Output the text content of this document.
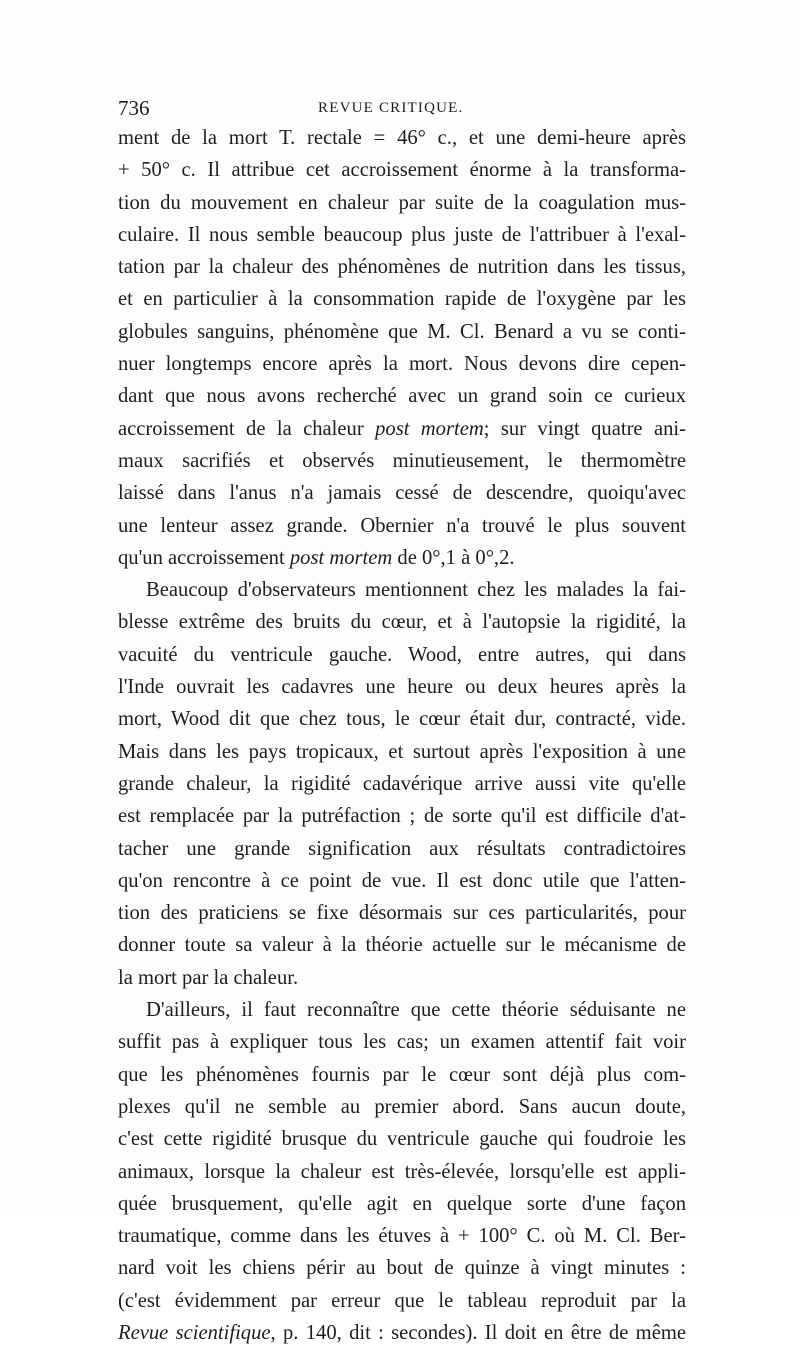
736	REVUE CRITIQUE.
ment de la mort T. rectale = 46° c., et une demi-heure après
+ 50° c. Il attribue cet accroissement énorme à la transforma-
tion du mouvement en chaleur par suite de la coagulation mus-
culaire. Il nous semble beaucoup plus juste de l'attribuer à l'exal-
tation par la chaleur des phénomènes de nutrition dans les tissus,
et en particulier à la consommation rapide de l'oxygène par les
globules sanguins, phénomène que M. Cl. Benard a vu se conti-
nuer longtemps encore après la mort. Nous devons dire cepen-
dant que nous avons recherché avec un grand soin ce curieux
accroissement de la chaleur post mortem; sur vingt quatre ani-
maux sacrifiés et observés minutieusement, le thermomètre
laissé dans l'anus n'a jamais cessé de descendre, quoiqu'avec
une lenteur assez grande. Obernier n'a trouvé le plus souvent
qu'un accroissement post mortem de 0°,1 à 0°,2.
Beaucoup d'observateurs mentionnent chez les malades la fai-
blesse extrême des bruits du cœur, et à l'autopsie la rigidité, la
vacuité du ventricule gauche. Wood, entre autres, qui dans
l'Inde ouvrait les cadavres une heure ou deux heures après la
mort, Wood dit que chez tous, le cœur était dur, contracté, vide.
Mais dans les pays tropicaux, et surtout après l'exposition à une
grande chaleur, la rigidité cadavérique arrive aussi vite qu'elle
est remplacée par la putréfaction ; de sorte qu'il est difficile d'at-
tacher une grande signification aux résultats contradictoires
qu'on rencontre à ce point de vue. Il est donc utile que l'atten-
tion des praticiens se fixe désormais sur ces particularités, pour
donner toute sa valeur à la théorie actuelle sur le mécanisme de
la mort par la chaleur.
D'ailleurs, il faut reconnaître que cette théorie séduisante ne
suffit pas à expliquer tous les cas; un examen attentif fait voir
que les phénomènes fournis par le cœur sont déjà plus com-
plexes qu'il ne semble au premier abord. Sans aucun doute,
c'est cette rigidité brusque du ventricule gauche qui foudroie les
animaux, lorsque la chaleur est très-élevée, lorsqu'elle est appli-
quée brusquement, qu'elle agit en quelque sorte d'une façon
traumatique, comme dans les étuves à + 100° C. où M. Cl. Ber-
nard voit les chiens périr au bout de quinze à vingt minutes :
(c'est évidemment par erreur que le tableau reproduit par la
Revue scientifique, p. 140, dit : secondes). Il doit en être de même
